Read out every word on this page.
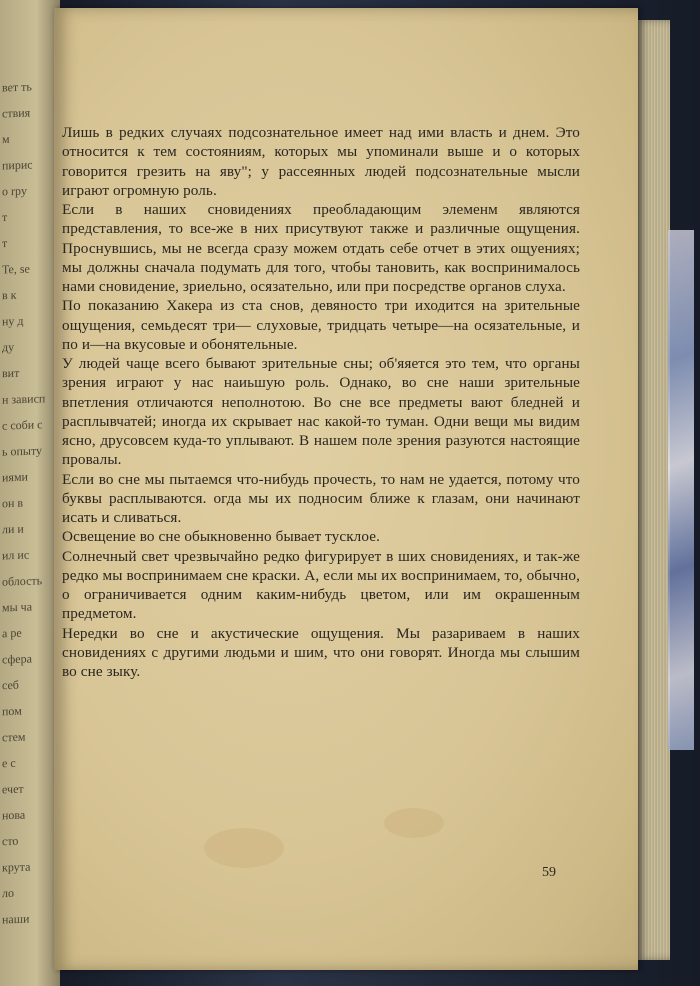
вет ть
ствия
м
пирис
o rpy
т
т
Te, se
в к
ну д
ду
вит
н зависп
с соби с
ь опыту
иями
он в
ли и
ил ис
облость
мы ча
а ре
сфера
себ
пом
стем
e c
ечет
нова
сто
крута
ло
наши

Лишь в редких случаях подсознательное имеет над ими власть и днем. Это относится к тем состояниям, которых мы упоминали выше и о которых говорится грезить на яву"; у рассеянных людей подсознательные мысли играют огромную роль.

Если в наших сновидениях преобладающим элеменм являются представления, то все-же в них присутвуют также и различные ощущения. Проснувшись, мы не всегда сразу можем отдать себе отчет в этих ощуениях; мы должны сначала подумать для того, чтобы тановить, как воспринималось нами сновидение, зриельно, осязательно, или при посредстве органов слуха.

По показанию Хакера из ста снов, девяносто три иходится на зрительные ощущения, семьдесят три— слуховые, тридцать четыре—на осязательные, и по и—на вкусовые и обонятельные.

У людей чаще всего бывают зрительные сны; об'яяется это тем, что органы зрения играют у нас наиьшую роль. Однако, во сне наши зрительные впетления отличаются неполнотою. Во сне все предметы вают бледней и расплывчатей; иногда их скрывает нас какой-то туман. Одни вещи мы видим ясно, друсовсем куда-то уплывают. В нашем поле зрения разуются настоящие провалы.

Если во сне мы пытаемся что-нибудь прочесть, то нам не удается, потому что буквы расплываются. огда мы их подносим ближе к глазам, они начинают исать и сливаться.

Освещение во сне обыкновенно бывает тусклое.

Солнечный свет чрезвычайно редко фигурирует в ших сновидениях, и так-же редко мы воспринимаем сне краски. А, если мы их воспринимаем, то, обычно, о ограничивается одним каким-нибудь цветом, или им окрашенным предметом.

Нередки во сне и акустические ощущения. Мы разариваем в наших сновидениях с другими людьми и шим, что они говорят. Иногда мы слышим во сне зыку.

59
